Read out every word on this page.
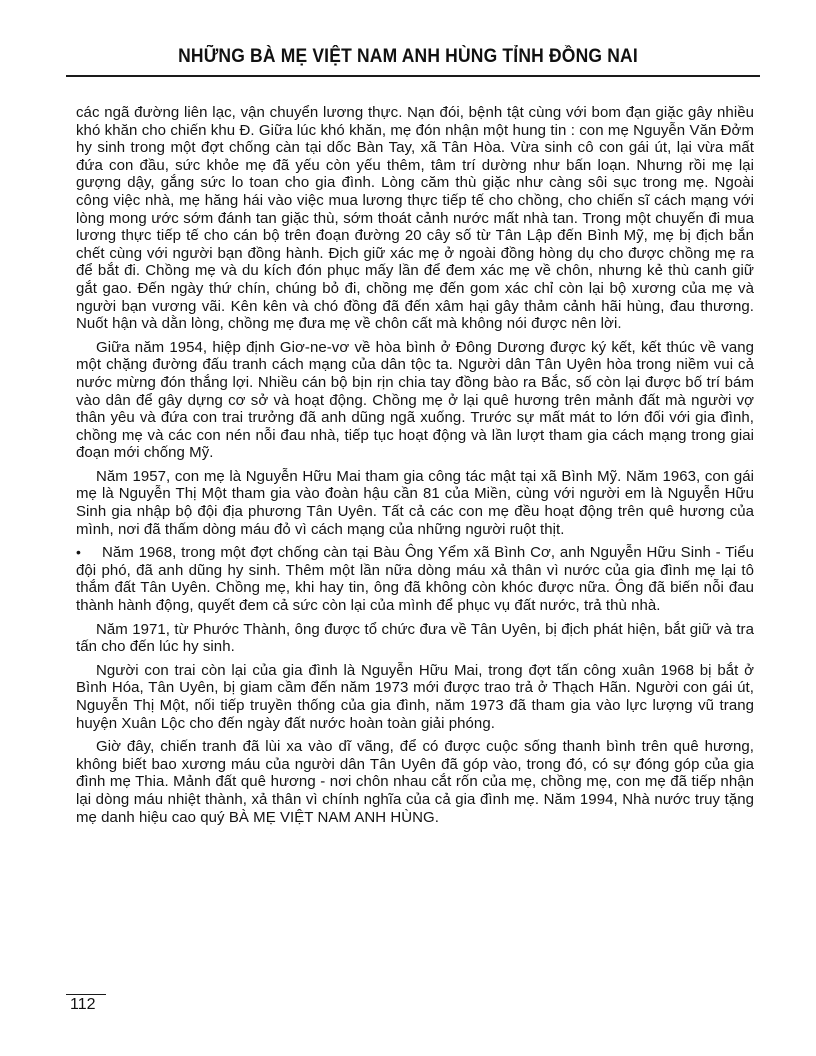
NHỮNG BÀ MẸ VIỆT NAM ANH HÙNG TỈNH ĐỒNG NAI

các ngã đường liên lạc, vận chuyển lương thực. Nạn đói, bệnh tật cùng với bom đạn giặc gây nhiều khó khăn cho chiến khu Đ. Giữa lúc khó khăn, mẹ đón nhận một hung tin : con mẹ Nguyễn Văn Đởm hy sinh trong một đợt chống càn tại dốc Bàn Tay, xã Tân Hòa. Vừa sinh cô con gái út, lại vừa mất đứa con đầu, sức khỏe mẹ đã yếu còn yếu thêm, tâm trí dường như bấn loạn. Nhưng rồi mẹ lại gượng dậy, gắng sức lo toan cho gia đình. Lòng căm thù giặc như càng sôi sục trong mẹ. Ngoài công việc nhà, mẹ hăng hái vào việc mua lương thực tiếp tế cho chồng, cho chiến sĩ cách mạng với lòng mong ước sớm đánh tan giặc thù, sớm thoát cảnh nước mất nhà tan. Trong một chuyến đi mua lương thực tiếp tế cho cán bộ trên đoạn đường 20 cây số từ Tân Lập đến Bình Mỹ, mẹ bị địch bắn chết cùng với người bạn đồng hành. Địch giữ xác mẹ ở ngoài đồng hòng dụ cho được chồng mẹ ra để bắt đi. Chồng mẹ và du kích đón phục mấy lần để đem xác mẹ về chôn, nhưng kẻ thù canh giữ gắt gao. Đến ngày thứ chín, chúng bỏ đi, chồng mẹ đến gom xác chỉ còn lại bộ xương của mẹ và người bạn vương vãi. Kên kên và chó đồng đã đến xâm hại gây thảm cảnh hãi hùng, đau thương. Nuốt hận và dằn lòng, chồng mẹ đưa mẹ về chôn cất mà không nói được nên lời.

Giữa năm 1954, hiệp định Giơ-ne-vơ về hòa bình ở Đông Dương được ký kết, kết thúc về vang một chặng đường đấu tranh cách mạng của dân tộc ta. Người dân Tân Uyên hòa trong niềm vui cả nước mừng đón thắng lợi. Nhiều cán bộ bịn rịn chia tay đồng bào ra Bắc, số còn lại được bố trí bám vào dân để gây dựng cơ sở và hoạt động. Chồng mẹ ở lại quê hương trên mảnh đất mà người vợ thân yêu và đứa con trai trưởng đã anh dũng ngã xuống. Trước sự mất mát to lớn đối với gia đình, chồng mẹ và các con nén nỗi đau nhà, tiếp tục hoạt động và lần lượt tham gia cách mạng trong giai đoạn mới chống Mỹ.

Năm 1957, con mẹ là Nguyễn Hữu Mai tham gia công tác mật tại xã Bình Mỹ. Năm 1963, con gái mẹ là Nguyễn Thị Một tham gia vào đoàn hậu cần 81 của Miền, cùng với người em là Nguyễn Hữu Sinh gia nhập bộ đội địa phương Tân Uyên. Tất cả các con mẹ đều hoạt động trên quê hương của mình, nơi đã thấm dòng máu đỏ vì cách mạng của những người ruột thịt.

• Năm 1968, trong một đợt chống càn tại Bàu Ông Yểm xã Bình Cơ, anh Nguyễn Hữu Sinh - Tiểu đội phó, đã anh dũng hy sinh. Thêm một lần nữa dòng máu xả thân vì nước của gia đình mẹ lại tô thắm đất Tân Uyên. Chồng mẹ, khi hay tin, ông đã không còn khóc được nữa. Ông đã biến nỗi đau thành hành động, quyết đem cả sức còn lại của mình để phục vụ đất nước, trả thù nhà.

Năm 1971, từ Phước Thành, ông được tổ chức đưa về Tân Uyên, bị địch phát hiện, bắt giữ và tra tấn cho đến lúc hy sinh.

Người con trai còn lại của gia đình là Nguyễn Hữu Mai, trong đợt tấn công xuân 1968 bị bắt ở Bình Hóa, Tân Uyên, bị giam cầm đến năm 1973 mới được trao trả ở Thạch Hãn. Người con gái út, Nguyễn Thị Một, nối tiếp truyền thống của gia đình, năm 1973 đã tham gia vào lực lượng vũ trang huyện Xuân Lộc cho đến ngày đất nước hoàn toàn giải phóng.

Giờ đây, chiến tranh đã lùi xa vào dĩ vãng, để có được cuộc sống thanh bình trên quê hương, không biết bao xương máu của người dân Tân Uyên đã góp vào, trong đó, có sự đóng góp của gia đình mẹ Thia. Mảnh đất quê hương - nơi chôn nhau cắt rốn của mẹ, chồng mẹ, con mẹ đã tiếp nhận lại dòng máu nhiệt thành, xả thân vì chính nghĩa của cả gia đình mẹ. Năm 1994, Nhà nước truy tặng mẹ danh hiệu cao quý BÀ MẸ VIỆT NAM ANH HÙNG.

112
